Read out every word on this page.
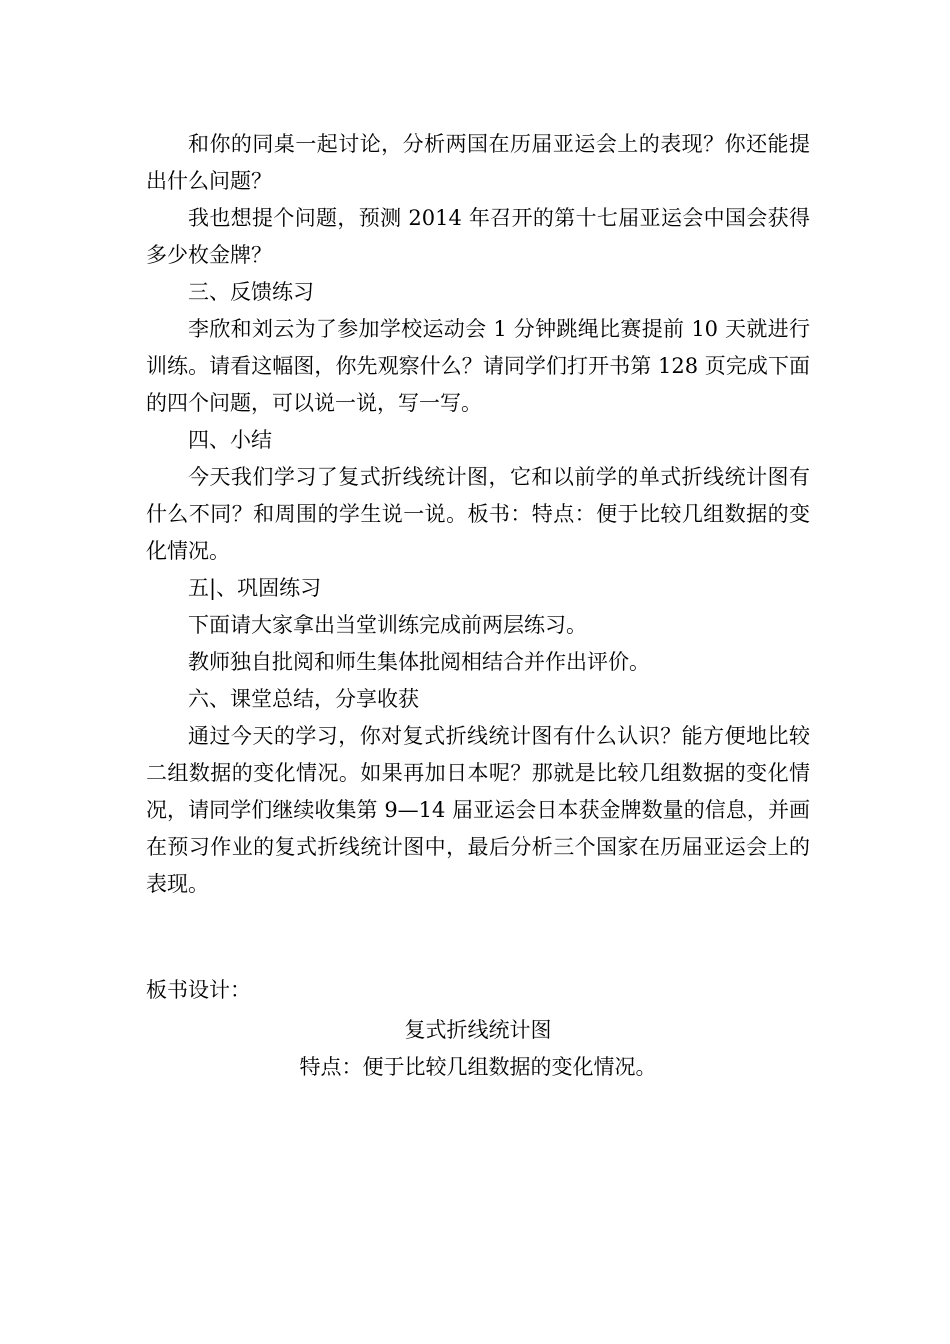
和你的同桌一起讨论，分析两国在历届亚运会上的表现？你还能提出什么问题？

我也想提个问题，预测 2014 年召开的第十七届亚运会中国会获得多少枚金牌？

三、反馈练习

李欣和刘云为了参加学校运动会 1 分钟跳绳比赛提前 10 天就进行训练。请看这幅图，你先观察什么？请同学们打开书第 128 页完成下面的四个问题，可以说一说，写一写。

四、小结

今天我们学习了复式折线统计图，它和以前学的单式折线统计图有什么不同？和周围的学生说一说。板书：特点：便于比较几组数据的变化情况。

五|、巩固练习

下面请大家拿出当堂训练完成前两层练习。

教师独自批阅和师生集体批阅相结合并作出评价。

六、课堂总结，分享收获

通过今天的学习，你对复式折线统计图有什么认识？能方便地比较二组数据的变化情况。如果再加日本呢？那就是比较几组数据的变化情况，请同学们继续收集第 9—14 届亚运会日本获金牌数量的信息，并画在预习作业的复式折线统计图中，最后分析三个国家在历届亚运会上的表现。

板书设计：

复式折线统计图

特点：便于比较几组数据的变化情况。
